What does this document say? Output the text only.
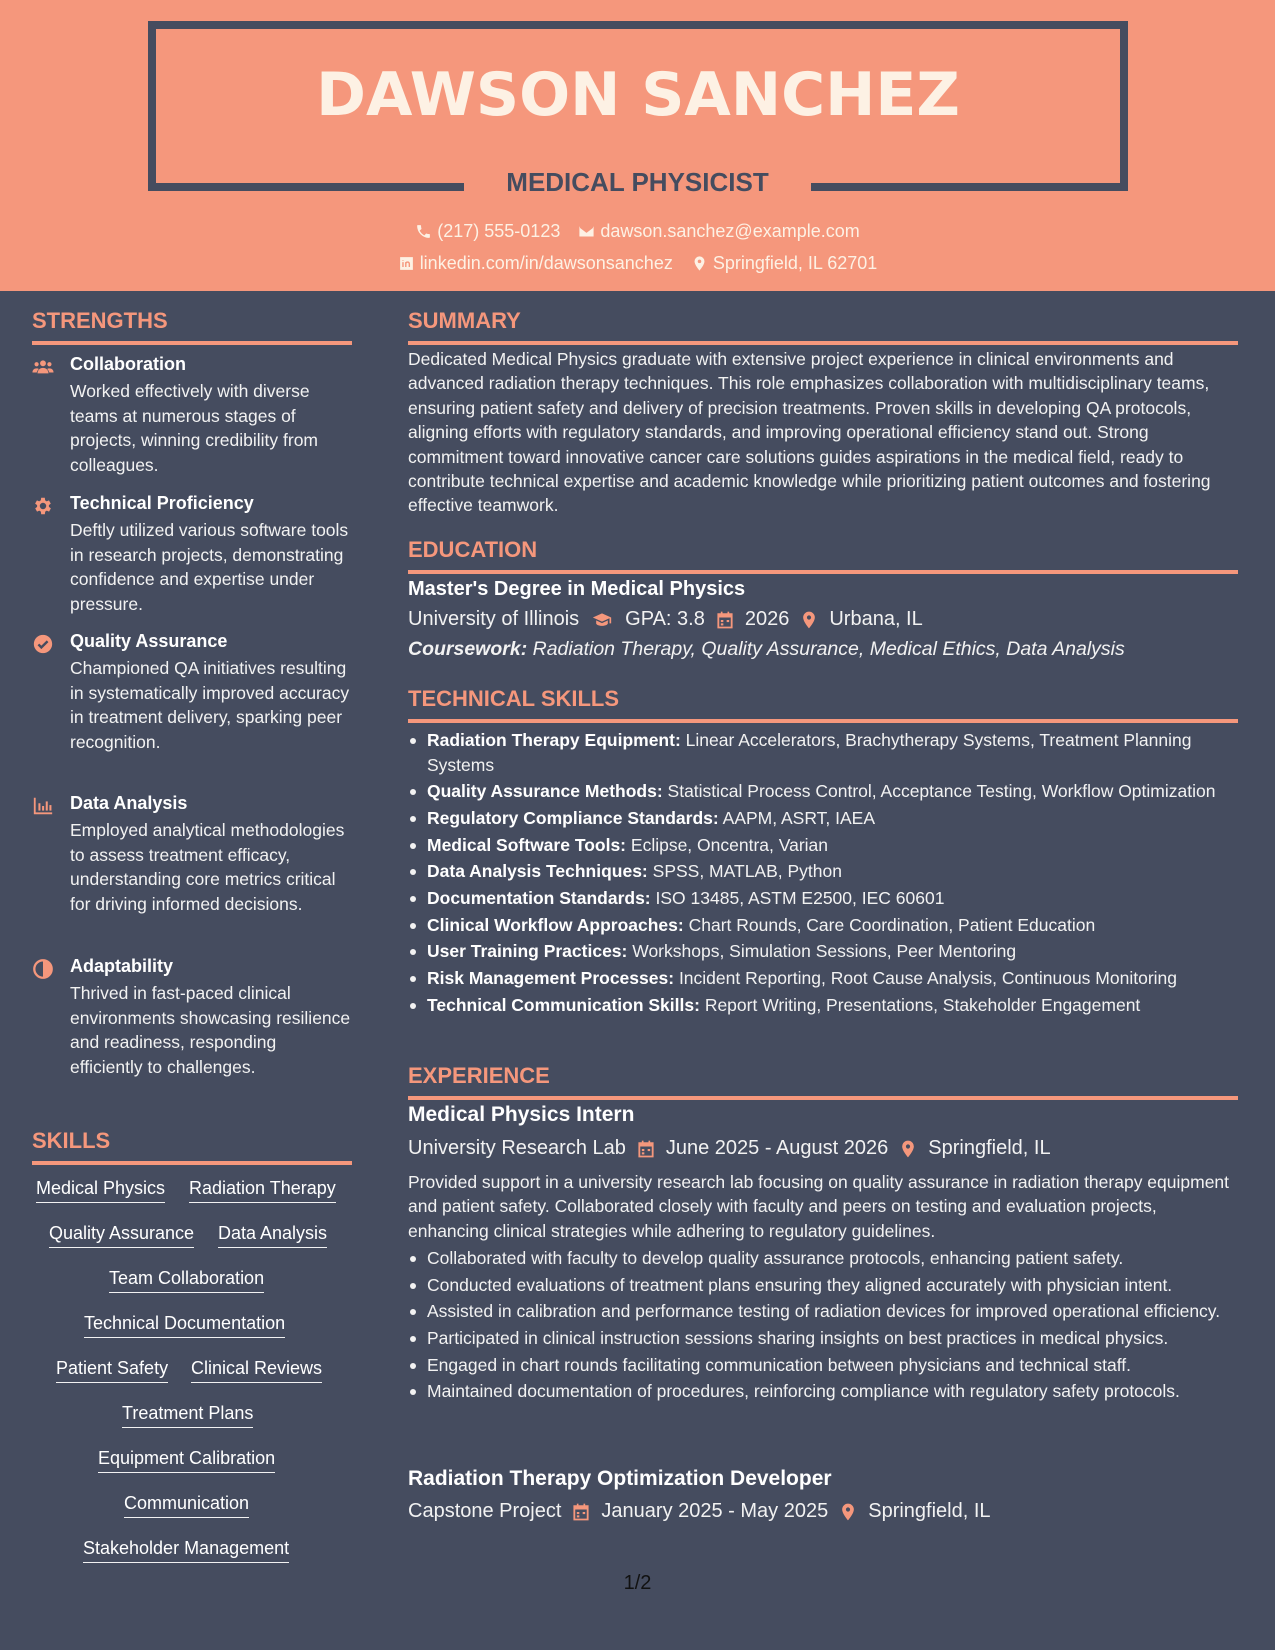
DAWSON SANCHEZ
MEDICAL PHYSICIST
(217) 555-0123 dawson.sanchez@example.com
linkedin.com/in/dawsonsanchez Springfield, IL 62701
STRENGTHS
Collaboration
Worked effectively with diverse teams at numerous stages of projects, winning credibility from colleagues.
Technical Proficiency
Deftly utilized various software tools in research projects, demonstrating confidence and expertise under pressure.
Quality Assurance
Championed QA initiatives resulting in systematically improved accuracy in treatment delivery, sparking peer recognition.
Data Analysis
Employed analytical methodologies to assess treatment efficacy, understanding core metrics critical for driving informed decisions.
Adaptability
Thrived in fast-paced clinical environments showcasing resilience and readiness, responding efficiently to challenges.
SKILLS
Medical Physics Radiation Therapy
Quality Assurance Data Analysis
Team Collaboration
Technical Documentation
Patient Safety Clinical Reviews
Treatment Plans
Equipment Calibration
Communication
Stakeholder Management
SUMMARY
Dedicated Medical Physics graduate with extensive project experience in clinical environments and advanced radiation therapy techniques. This role emphasizes collaboration with multidisciplinary teams, ensuring patient safety and delivery of precision treatments. Proven skills in developing QA protocols, aligning efforts with regulatory standards, and improving operational efficiency stand out. Strong commitment toward innovative cancer care solutions guides aspirations in the medical field, ready to contribute technical expertise and academic knowledge while prioritizing patient outcomes and fostering effective teamwork.
EDUCATION
Master's Degree in Medical Physics
University of Illinois GPA: 3.8 2026 Urbana, IL
Coursework: Radiation Therapy, Quality Assurance, Medical Ethics, Data Analysis
TECHNICAL SKILLS
Radiation Therapy Equipment: Linear Accelerators, Brachytherapy Systems, Treatment Planning Systems
Quality Assurance Methods: Statistical Process Control, Acceptance Testing, Workflow Optimization
Regulatory Compliance Standards: AAPM, ASRT, IAEA
Medical Software Tools: Eclipse, Oncentra, Varian
Data Analysis Techniques: SPSS, MATLAB, Python
Documentation Standards: ISO 13485, ASTM E2500, IEC 60601
Clinical Workflow Approaches: Chart Rounds, Care Coordination, Patient Education
User Training Practices: Workshops, Simulation Sessions, Peer Mentoring
Risk Management Processes: Incident Reporting, Root Cause Analysis, Continuous Monitoring
Technical Communication Skills: Report Writing, Presentations, Stakeholder Engagement
EXPERIENCE
Medical Physics Intern
University Research Lab June 2025 - August 2026 Springfield, IL
Provided support in a university research lab focusing on quality assurance in radiation therapy equipment and patient safety. Collaborated closely with faculty and peers on testing and evaluation projects, enhancing clinical strategies while adhering to regulatory guidelines.
Collaborated with faculty to develop quality assurance protocols, enhancing patient safety.
Conducted evaluations of treatment plans ensuring they aligned accurately with physician intent.
Assisted in calibration and performance testing of radiation devices for improved operational efficiency.
Participated in clinical instruction sessions sharing insights on best practices in medical physics.
Engaged in chart rounds facilitating communication between physicians and technical staff.
Maintained documentation of procedures, reinforcing compliance with regulatory safety protocols.
Radiation Therapy Optimization Developer
Capstone Project January 2025 - May 2025 Springfield, IL
1/2
